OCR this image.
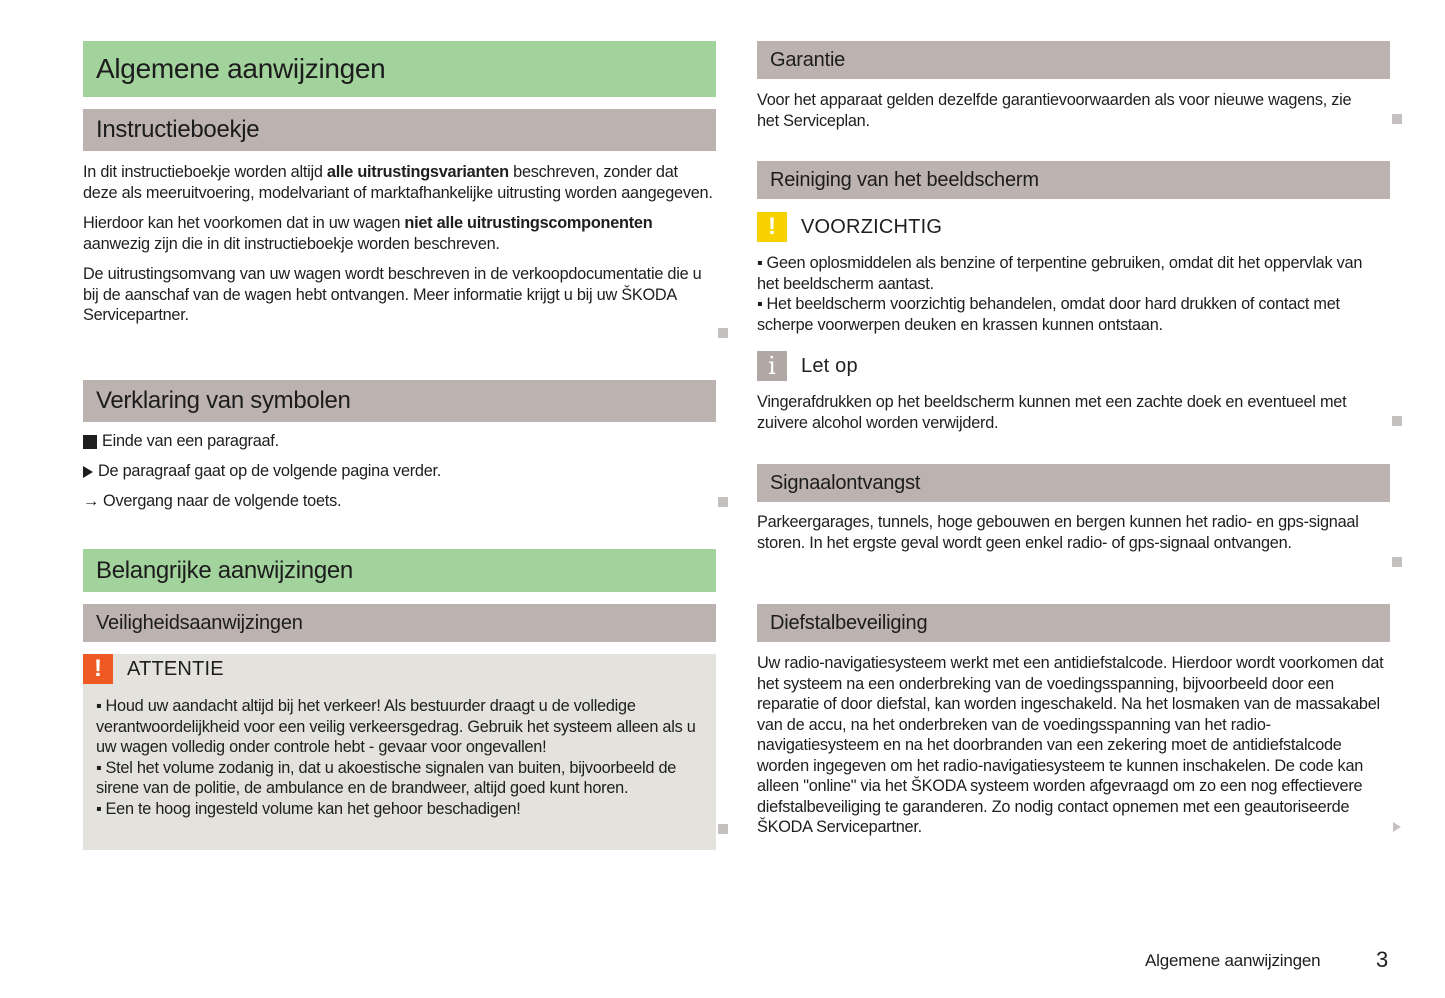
Algemene aanwijzingen
Instructieboekje

In dit instructieboekje worden altijd alle uitrustingsvarianten beschreven, zonder dat deze als meeruitvoering, modelvariant of marktafhankelijke uitrusting worden aangegeven.

Hierdoor kan het voorkomen dat in uw wagen niet alle uitrustingscomponenten aanwezig zijn die in dit instructieboekje worden beschreven.

De uitrustingsomvang van uw wagen wordt beschreven in de verkoopdocumentatie die u bij de aanschaf van de wagen hebt ontvangen. Meer informatie krijgt u bij uw ŠKODA Servicepartner.

Verklaring van symbolen
Einde van een paragraaf.
De paragraaf gaat op de volgende pagina verder.
→ Overgang naar de volgende toets.
Belangrijke aanwijzingen
Veiligheidsaanwijzingen
!	ATTENTIE

▪ Houd uw aandacht altijd bij het verkeer! Als bestuurder draagt u de volledige verantwoordelijkheid voor een veilig verkeersgedrag. Gebruik het systeem alleen als u uw wagen volledig onder controle hebt - gevaar voor ongevallen!

▪ Stel het volume zodanig in, dat u akoestische signalen van buiten, bijvoorbeeld de sirene van de politie, de ambulance en de brandweer, altijd goed kunt horen.

▪ Een te hoog ingesteld volume kan het gehoor beschadigen!

Garantie
Voor het apparaat gelden dezelfde garantievoorwaarden als voor nieuwe wagens, zie het Serviceplan.
Reiniging van het beeldscherm
!	VOORZICHTIG

▪ Geen oplosmiddelen als benzine of terpentine gebruiken, omdat dit het oppervlak van het beeldscherm aantast.

▪ Het beeldscherm voorzichtig behandelen, omdat door hard drukken of contact met scherpe voorwerpen deuken en krassen kunnen ontstaan.

i	Let op
Vingerafdrukken op het beeldscherm kunnen met een zachte doek en eventueel met zuivere alcohol worden verwijderd.
Signaalontvangst
Parkeergarages, tunnels, hoge gebouwen en bergen kunnen het radio- en gps-signaal storen. In het ergste geval wordt geen enkel radio- of gps-signaal ontvangen.
Diefstalbeveiliging
Uw radio-navigatiesysteem werkt met een antidiefstalcode. Hierdoor wordt voorkomen dat het systeem na een onderbreking van de voedingsspanning, bijvoorbeeld door een reparatie of door diefstal, kan worden ingeschakeld. Na het losmaken van de massakabel van de accu, na het onderbreken van de voedingsspanning van het radio-navigatiesysteem en na het doorbranden van een zekering moet de antidiefstalcode worden ingegeven om het radio-navigatiesysteem te kunnen inschakelen. De code kan alleen "online" via het ŠKODA systeem worden afgevraagd om zo een nog effectievere diefstalbeveiliging te garanderen. Zo nodig contact opnemen met een geautoriseerde ŠKODA Servicepartner.
Algemene aanwijzingen	3
